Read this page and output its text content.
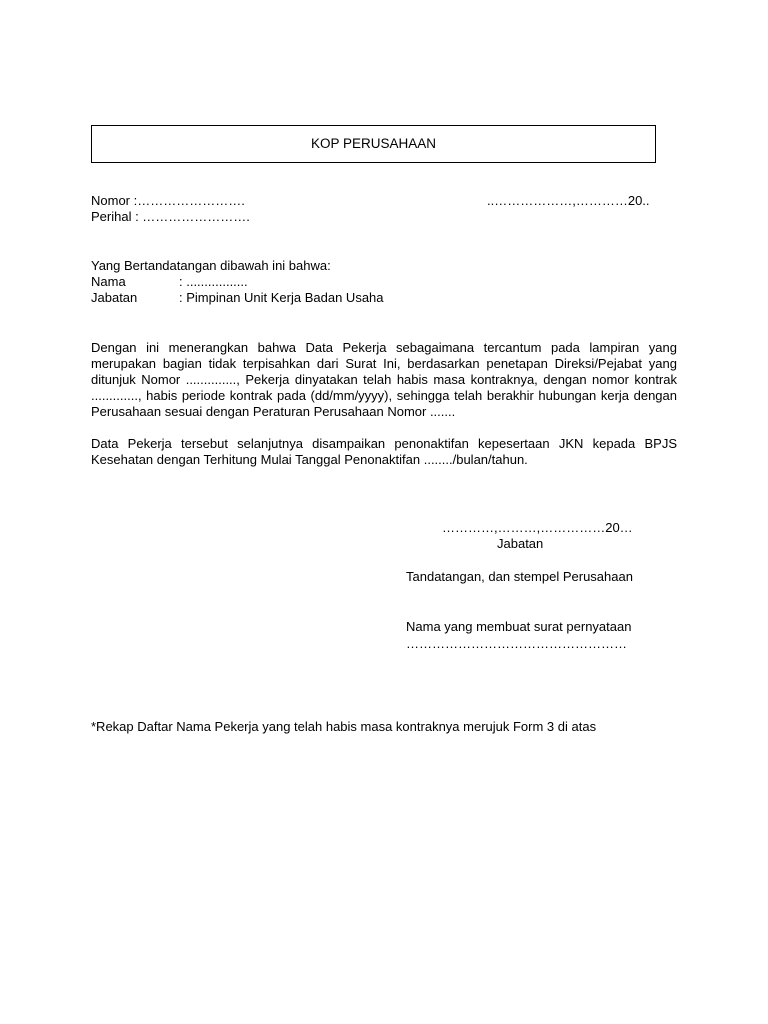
KOP PERUSAHAAN
Nomor :…………………….
Perihal : …………………….
..………………,…………20..
Yang Bertandatangan dibawah ini bahwa:
Nama	: .................
Jabatan	: Pimpinan Unit Kerja Badan Usaha
Dengan ini menerangkan bahwa Data Pekerja sebagaimana tercantum pada lampiran yang merupakan bagian tidak terpisahkan dari Surat Ini, berdasarkan penetapan Direksi/Pejabat yang ditunjuk Nomor .............., Pekerja dinyatakan telah habis masa kontraknya, dengan nomor kontrak ............., habis periode kontrak pada (dd/mm/yyyy), sehingga telah berakhir hubungan kerja dengan Perusahaan sesuai dengan Peraturan Perusahaan Nomor .......
Data Pekerja tersebut selanjutnya disampaikan penonaktifan kepesertaan JKN kepada BPJS Kesehatan dengan Terhitung Mulai Tanggal Penonaktifan ......../bulan/tahun.
…………,………,……………20…
Jabatan
Tandatangan, dan stempel Perusahaan
Nama yang membuat surat pernyataan
……………………………………………
*Rekap Daftar Nama Pekerja yang telah habis masa kontraknya merujuk Form 3 di atas
